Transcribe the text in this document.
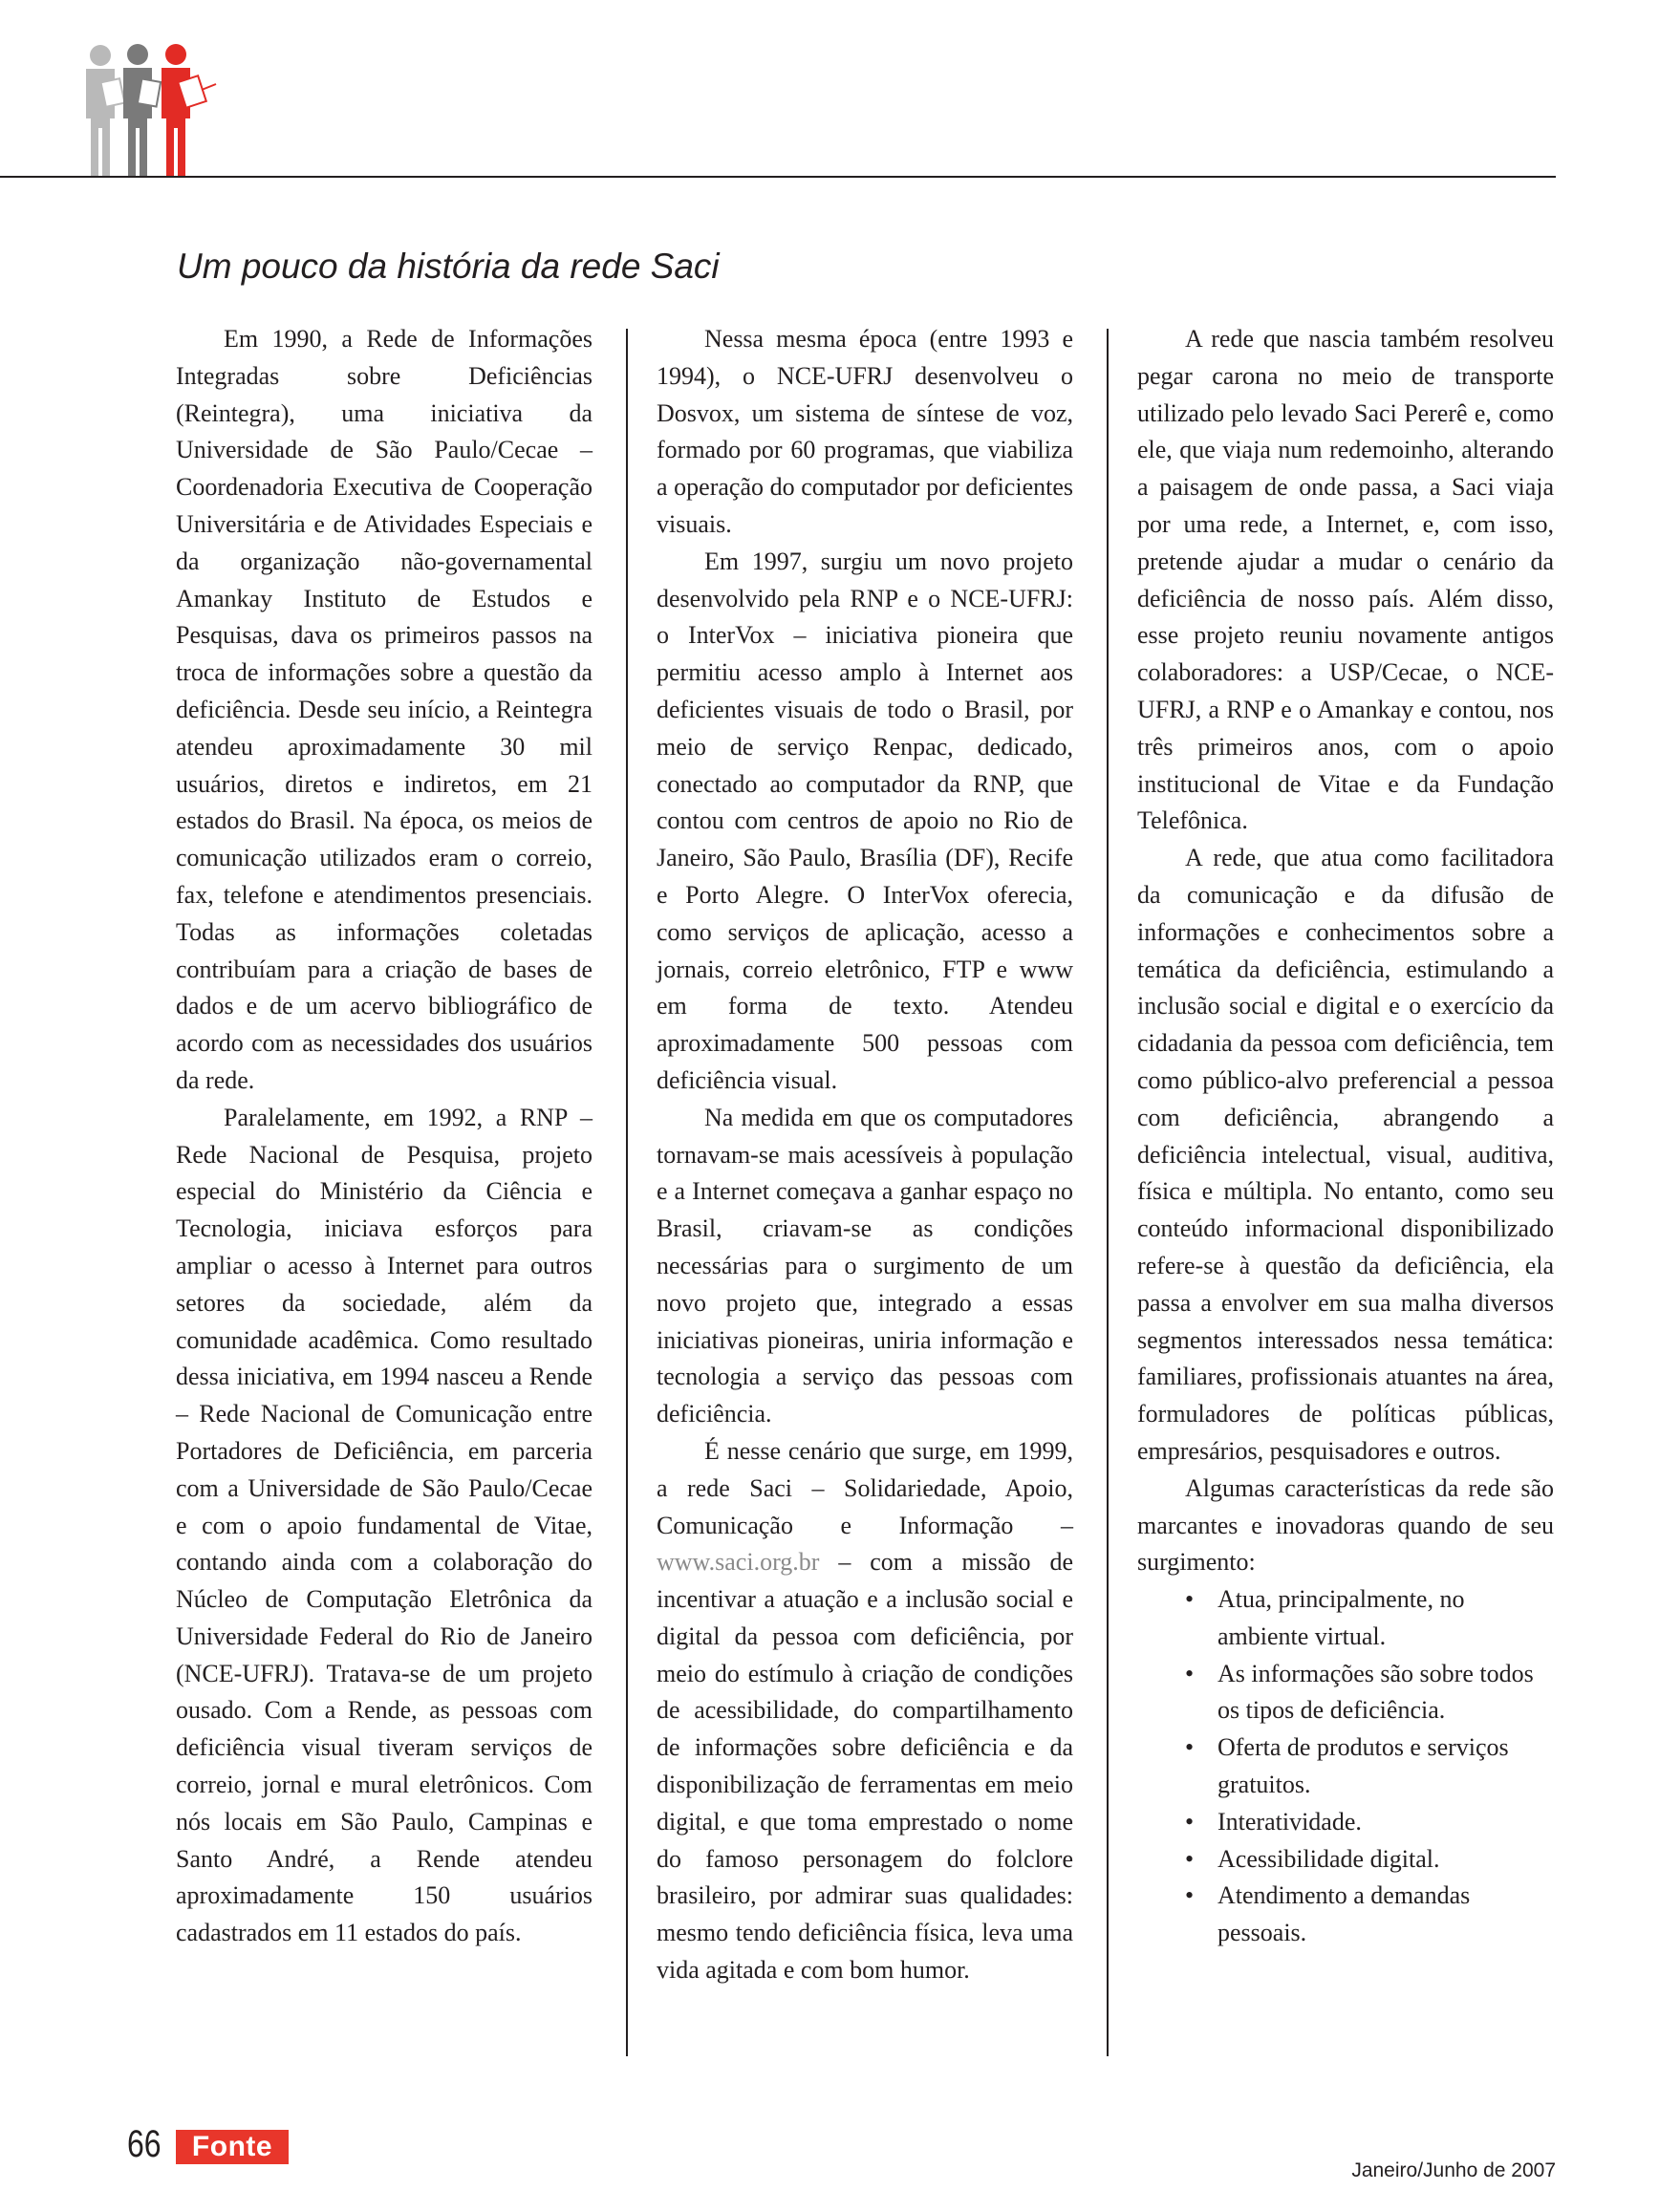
Um pouco da história da rede Saci

Em 1990, a Rede de Informações Integradas sobre Deficiências (Reintegra), uma iniciativa da Universidade de São Paulo/Cecae – Coordenadoria Executiva de Cooperação Universitária e de Atividades Especiais e da organização não-governamental Amankay Instituto de Estudos e Pesquisas, dava os primeiros passos na troca de informações sobre a questão da deficiência. Desde seu início, a Reintegra atendeu aproximadamente 30 mil usuários, diretos e indiretos, em 21 estados do Brasil. Na época, os meios de comunicação utilizados eram o correio, fax, telefone e atendimentos presenciais. Todas as informações coletadas contribuíam para a criação de bases de dados e de um acervo bibliográfico de acordo com as necessidades dos usuários da rede.

Paralelamente, em 1992, a RNP – Rede Nacional de Pesquisa, projeto especial do Ministério da Ciência e Tecnologia, iniciava esforços para ampliar o acesso à Internet para outros setores da sociedade, além da comunidade acadêmica. Como resultado dessa iniciativa, em 1994 nasceu a Rende – Rede Nacional de Comunicação entre Portadores de Deficiência, em parceria com a Universidade de São Paulo/Cecae e com o apoio fundamental de Vitae, contando ainda com a colaboração do Núcleo de Computação Eletrônica da Universidade Federal do Rio de Janeiro (NCE-UFRJ). Tratava-se de um projeto ousado. Com a Rende, as pessoas com deficiência visual tiveram serviços de correio, jornal e mural eletrônicos. Com nós locais em São Paulo, Campinas e Santo André, a Rende atendeu aproximadamente 150 usuários cadastrados em 11 estados do país.

Nessa mesma época (entre 1993 e 1994), o NCE-UFRJ desenvolveu o Dosvox, um sistema de síntese de voz, formado por 60 programas, que viabiliza a operação do computador por deficientes visuais.

Em 1997, surgiu um novo projeto desenvolvido pela RNP e o NCE-UFRJ: o InterVox – iniciativa pioneira que permitiu acesso amplo à Internet aos deficientes visuais de todo o Brasil, por meio de serviço Renpac, dedicado, conectado ao computador da RNP, que contou com centros de apoio no Rio de Janeiro, São Paulo, Brasília (DF), Recife e Porto Alegre. O InterVox oferecia, como serviços de aplicação, acesso a jornais, correio eletrônico, FTP e www em forma de texto. Atendeu aproximadamente 500 pessoas com deficiência visual.

Na medida em que os computadores tornavam-se mais acessíveis à população e a Internet começava a ganhar espaço no Brasil, criavam-se as condições necessárias para o surgimento de um novo projeto que, integrado a essas iniciativas pioneiras, uniria informação e tecnologia a serviço das pessoas com deficiência.

É nesse cenário que surge, em 1999, a rede Saci – Solidariedade, Apoio, Comunicação e Informação – www.saci.org.br – com a missão de incentivar a atuação e a inclusão social e digital da pessoa com deficiência, por meio do estímulo à criação de condições de acessibilidade, do compartilhamento de informações sobre deficiência e da disponibilização de ferramentas em meio digital, e que toma emprestado o nome do famoso personagem do folclore brasileiro, por admirar suas qualidades: mesmo tendo deficiência física, leva uma vida agitada e com bom humor.

A rede que nascia também resolveu pegar carona no meio de transporte utilizado pelo levado Saci Pererê e, como ele, que viaja num redemoinho, alterando a paisagem de onde passa, a Saci viaja por uma rede, a Internet, e, com isso, pretende ajudar a mudar o cenário da deficiência de nosso país. Além disso, esse projeto reuniu novamente antigos colaboradores: a USP/Cecae, o NCE-UFRJ, a RNP e o Amankay e contou, nos três primeiros anos, com o apoio institucional de Vitae e da Fundação Telefônica.

A rede, que atua como facilitadora da comunicação e da difusão de informações e conhecimentos sobre a temática da deficiência, estimulando a inclusão social e digital e o exercício da cidadania da pessoa com deficiência, tem como público-alvo preferencial a pessoa com deficiência, abrangendo a deficiência intelectual, visual, auditiva, física e múltipla. No entanto, como seu conteúdo informacional disponibilizado refere-se à questão da deficiência, ela passa a envolver em sua malha diversos segmentos interessados nessa temática: familiares, profissionais atuantes na área, formuladores de políticas públicas, empresários, pesquisadores e outros.

Algumas características da rede são marcantes e inovadoras quando de seu surgimento:

• Atua, principalmente, no ambiente virtual.
• As informações são sobre todos os tipos de deficiência.
• Oferta de produtos e serviços gratuitos.
• Interatividade.
• Acessibilidade digital.
• Atendimento a demandas pessoais.
66	Fonte
Janeiro/Junho de 2007
